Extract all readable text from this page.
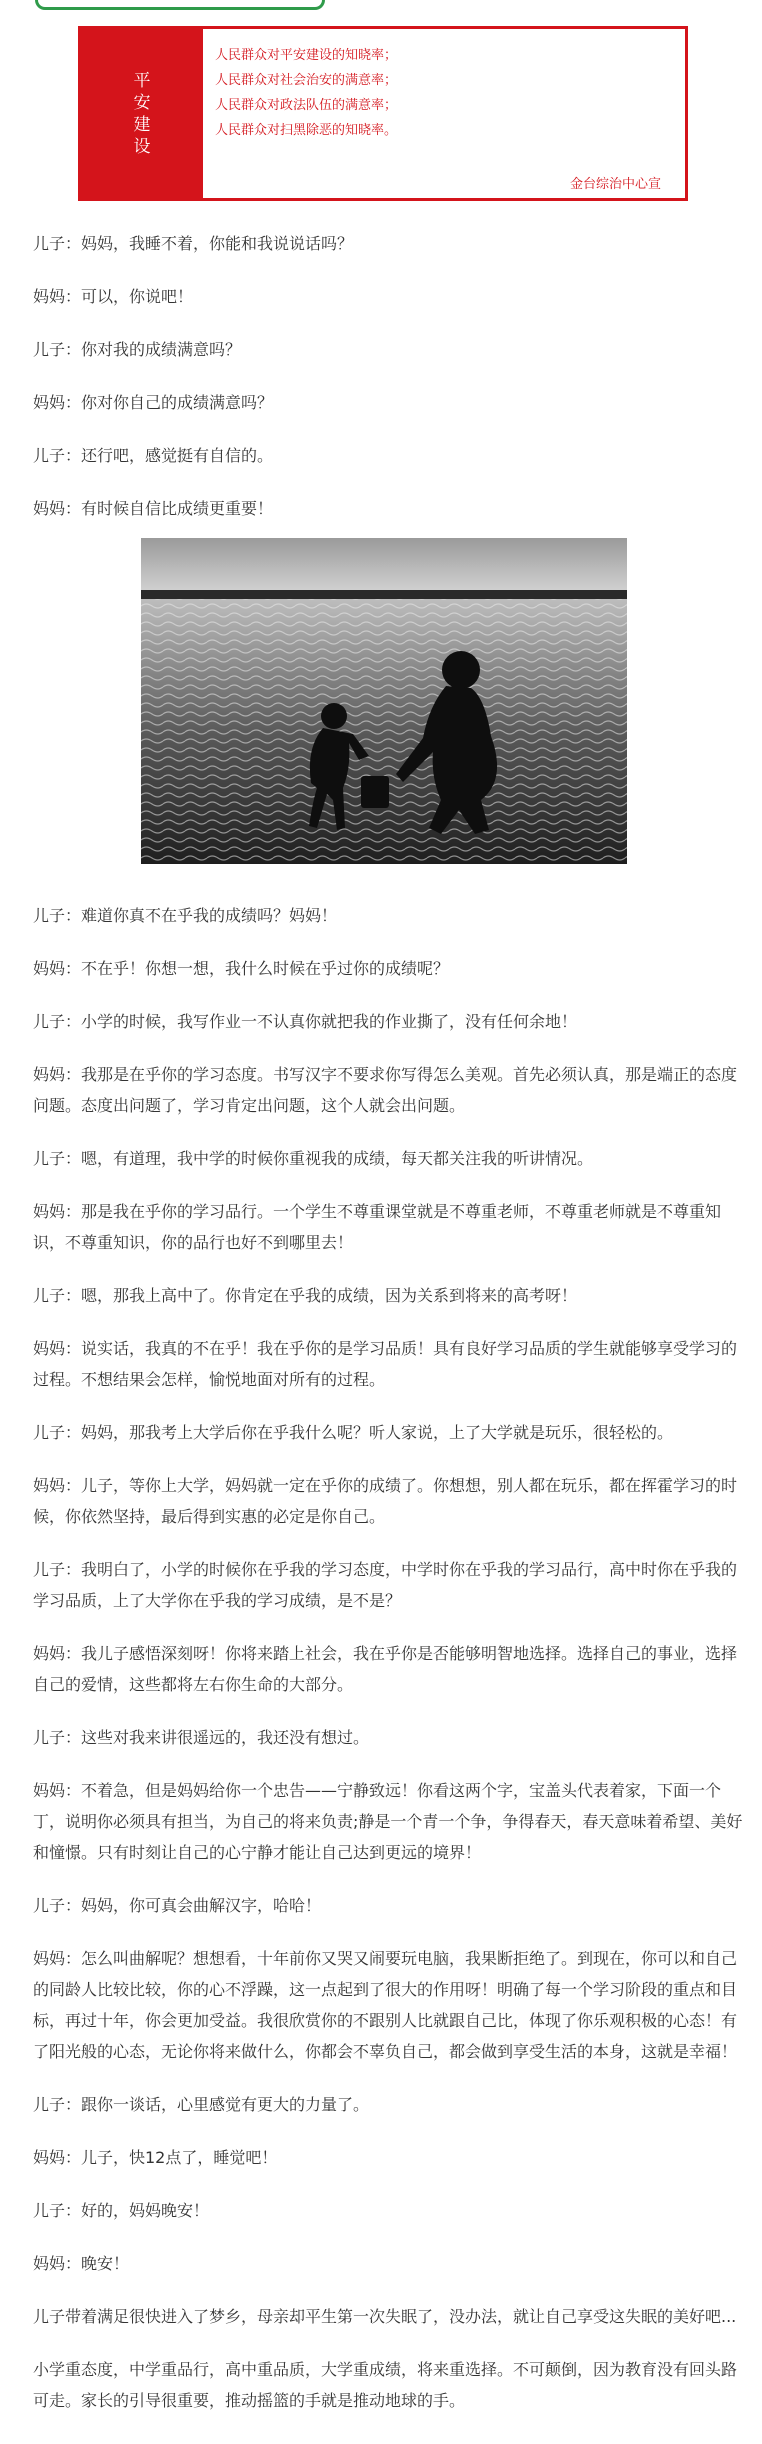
平安建设
人民群众对平安建设的知晓率；
人民群众对社会治安的满意率；
人民群众对政法队伍的满意率；
人民群众对扫黑除恶的知晓率。
金台综治中心宣

儿子：妈妈，我睡不着，你能和我说说话吗？

妈妈：可以，你说吧！

儿子：你对我的成绩满意吗？

妈妈：你对你自己的成绩满意吗？

儿子：还行吧，感觉挺有自信的。

妈妈：有时候自信比成绩更重要！

儿子：难道你真不在乎我的成绩吗？妈妈！

妈妈：不在乎！你想一想，我什么时候在乎过你的成绩呢？

儿子：小学的时候，我写作业一不认真你就把我的作业撕了，没有任何余地！

妈妈：我那是在乎你的学习态度。书写汉字不要求你写得怎么美观。首先必须认真，那是端正的态度问题。态度出问题了，学习肯定出问题，这个人就会出问题。

儿子：嗯，有道理，我中学的时候你重视我的成绩，每天都关注我的听讲情况。

妈妈：那是我在乎你的学习品行。一个学生不尊重课堂就是不尊重老师，不尊重老师就是不尊重知识，不尊重知识，你的品行也好不到哪里去！

儿子：嗯，那我上高中了。你肯定在乎我的成绩，因为关系到将来的高考呀！

妈妈：说实话，我真的不在乎！我在乎你的是学习品质！具有良好学习品质的学生就能够享受学习的过程。不想结果会怎样，愉悦地面对所有的过程。

儿子：妈妈，那我考上大学后你在乎我什么呢？听人家说，上了大学就是玩乐，很轻松的。

妈妈：儿子，等你上大学，妈妈就一定在乎你的成绩了。你想想，别人都在玩乐，都在挥霍学习的时候，你依然坚持，最后得到实惠的必定是你自己。

儿子：我明白了，小学的时候你在乎我的学习态度，中学时你在乎我的学习品行，高中时你在乎我的学习品质，上了大学你在乎我的学习成绩，是不是？

妈妈：我儿子感悟深刻呀！你将来踏上社会，我在乎你是否能够明智地选择。选择自己的事业，选择自己的爱情，这些都将左右你生命的大部分。

儿子：这些对我来讲很遥远的，我还没有想过。

妈妈：不着急，但是妈妈给你一个忠告——宁静致远！你看这两个字，宝盖头代表着家，下面一个丁，说明你必须具有担当，为自己的将来负责;静是一个青一个争，争得春天，春天意味着希望、美好和憧憬。只有时刻让自己的心宁静才能让自己达到更远的境界！

儿子：妈妈，你可真会曲解汉字，哈哈！

妈妈：怎么叫曲解呢？想想看，十年前你又哭又闹要玩电脑，我果断拒绝了。到现在，你可以和自己的同龄人比较比较，你的心不浮躁，这一点起到了很大的作用呀！明确了每一个学习阶段的重点和目标，再过十年，你会更加受益。我很欣赏你的不跟别人比就跟自己比，体现了你乐观积极的心态！有了阳光般的心态，无论你将来做什么，你都会不辜负自己，都会做到享受生活的本身，这就是幸福！

儿子：跟你一谈话，心里感觉有更大的力量了。

妈妈：儿子，快12点了，睡觉吧！

儿子：好的，妈妈晚安！

妈妈：晚安！

儿子带着满足很快进入了梦乡，母亲却平生第一次失眠了，没办法，就让自己享受这失眠的美好吧...

小学重态度，中学重品行，高中重品质，大学重成绩，将来重选择。不可颠倒，因为教育没有回头路可走。家长的引导很重要，推动摇篮的手就是推动地球的手。
